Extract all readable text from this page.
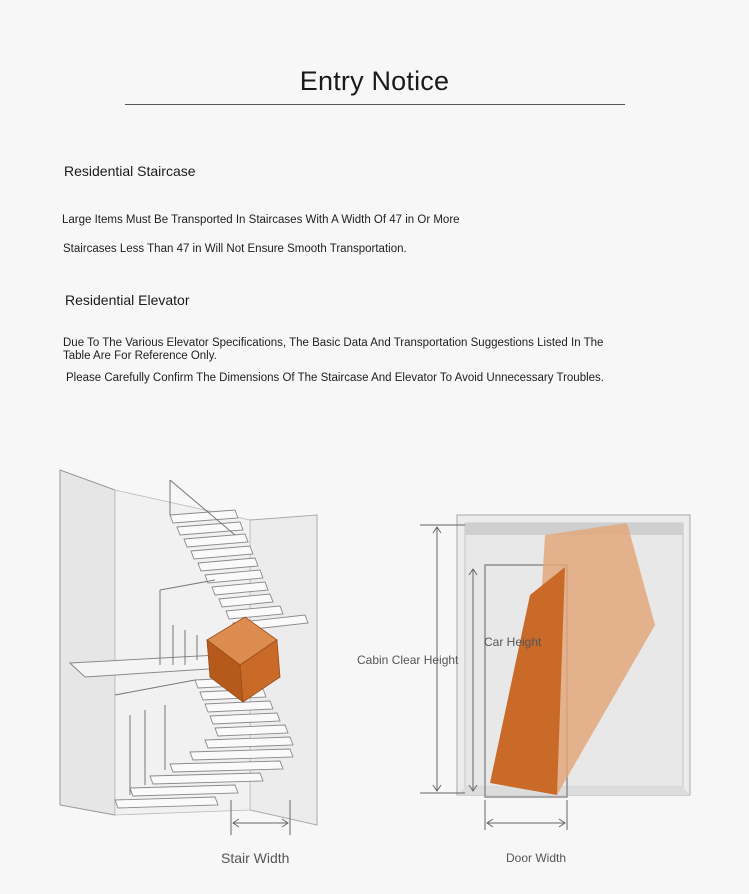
Entry Notice
Residential Staircase
Large Items Must Be Transported In Staircases With A Width Of 47 in Or More
Staircases Less Than 47 in Will Not Ensure Smooth Transportation.
Residential Elevator
Due To The Various Elevator Specifications, The Basic Data And Transportation Suggestions Listed In The Table Are For Reference Only.
Please Carefully Confirm The Dimensions Of The Staircase And Elevator To Avoid Unnecessary Troubles.
Stair Width
Cabin Clear Height
Car Height
Door Width
